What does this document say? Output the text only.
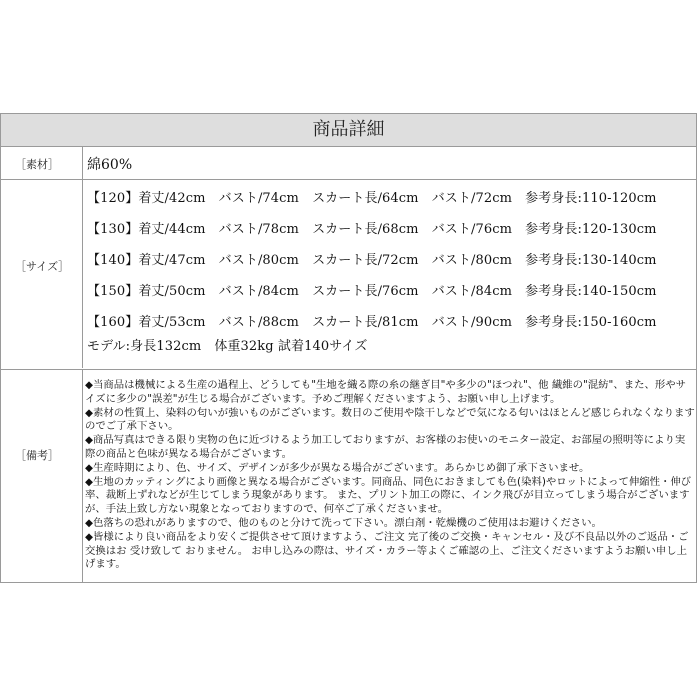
商品詳細
［素材］ 綿60%
［サイズ］
【120】着丈/42cm　バスト/74cm　スカート長/64cm　バスト/72cm　参考身長:110-120cm
【130】着丈/44cm　バスト/78cm　スカート長/68cm　バスト/76cm　参考身長:120-130cm
【140】着丈/47cm　バスト/80cm　スカート長/72cm　バスト/80cm　参考身長:130-140cm
【150】着丈/50cm　バスト/84cm　スカート長/76cm　バスト/84cm　参考身長:140-150cm
【160】着丈/53cm　バスト/88cm　スカート長/81cm　バスト/90cm　参考身長:150-160cm
モデル:身長132cm　体重32kg 試着140サイズ
［備考］
◆当商品は機械による生産の過程上、どうしても"生地を織る際の糸の継ぎ目"や多少の"ほつれ"、他 繊維の"混紡"、また、形やサイズに多少の"誤差"が生じる場合がございます。予めご理解くださいますよう、お願い申し上げます。
◆素材の性質上、染料の匂いが強いものがございます。数日のご使用や陰干しなどで気になる匂いはほとんど感じられなくなりますのでご了承下さい。
◆商品写真はできる限り実物の色に近づけるよう加工しておりますが、お客様のお使いのモニター設定、お部屋の照明等により実際の商品と色味が異なる場合がございます。
◆生産時期により、色、サイズ、デザインが多少が異なる場合がございます。あらかじめ御了承下さいませ。
◆生地のカッティングにより画像と異なる場合がございます。同商品、同色におきましても色(染料)やロットによって伸縮性・伸び率、裁断上ずれなどが生じてしまう現象があります。 また、プリント加工の際に、インク飛びが目立ってしまう場合がございますが、手法上致し方ない現象となっておりますので、何卒ご了承くださいませ。
◆色落ちの恐れがありますので、他のものと分けて洗って下さい。漂白剤・乾燥機のご使用はお避けください。
◆皆様により良い商品をより安くご提供させて頂けますよう、ご注文 完了後のご交換・キャンセル・及び不良品以外のご返品・ご交換はお 受け致して おりません。 お申し込みの際は、サイズ・カラー等よくご確認の上、ご注文くださいますようお願い申し上げます。
